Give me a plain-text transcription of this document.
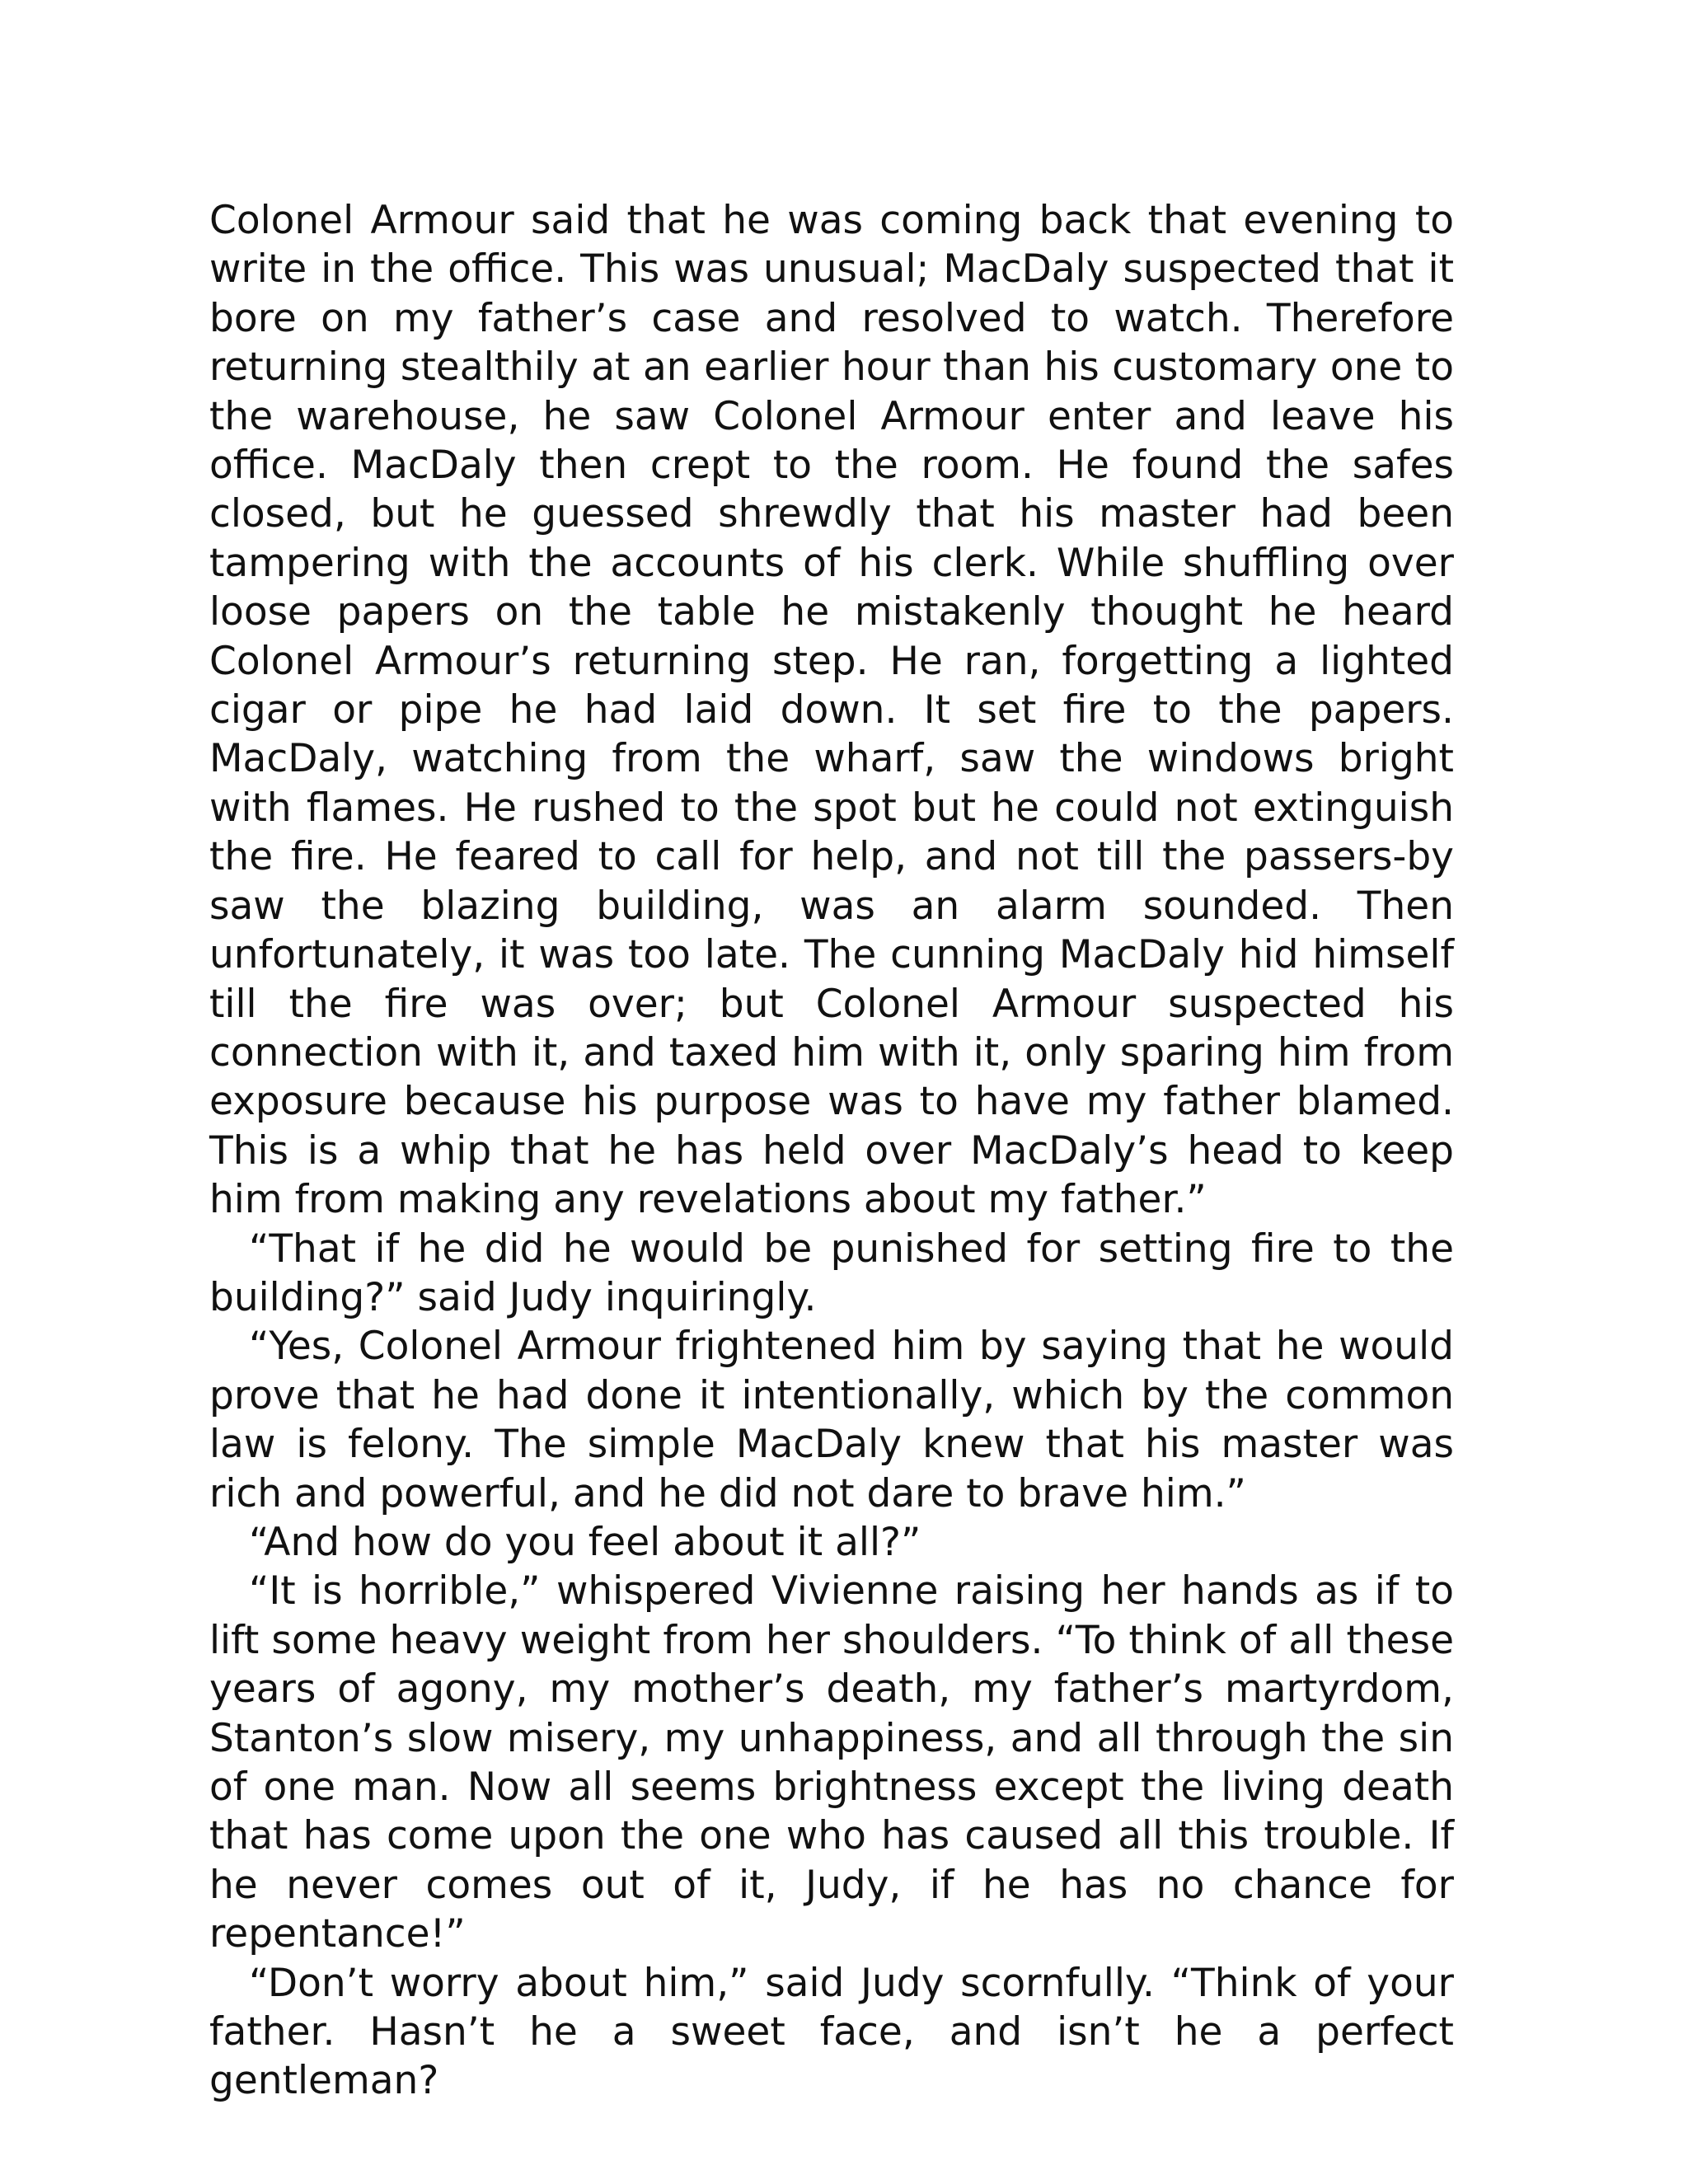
Colonel Armour said that he was coming back that evening to write in the office. This was unusual; MacDaly suspected that it bore on my father’s case and resolved to watch. Therefore returning stealthily at an earlier hour than his customary one to the warehouse, he saw Colonel Armour enter and leave his office. MacDaly then crept to the room. He found the safes closed, but he guessed shrewdly that his master had been tampering with the accounts of his clerk. While shuffling over loose papers on the table he mistakenly thought he heard Colonel Armour’s returning step. He ran, forgetting a lighted cigar or pipe he had laid down. It set fire to the papers. MacDaly, watching from the wharf, saw the windows bright with flames. He rushed to the spot but he could not extinguish the fire. He feared to call for help, and not till the passers-by saw the blazing building, was an alarm sounded. Then unfortunately, it was too late. The cunning MacDaly hid himself till the fire was over; but Colonel Armour suspected his connection with it, and taxed him with it, only sparing him from exposure because his purpose was to have my father blamed. This is a whip that he has held over MacDaly’s head to keep him from making any revelations about my father.”

“That if he did he would be punished for setting fire to the building?” said Judy inquiringly.

“Yes, Colonel Armour frightened him by saying that he would prove that he had done it intentionally, which by the common law is felony. The simple MacDaly knew that his master was rich and powerful, and he did not dare to brave him.”

“And how do you feel about it all?”

“It is horrible,” whispered Vivienne raising her hands as if to lift some heavy weight from her shoulders. “To think of all these years of agony, my mother’s death, my father’s martyrdom, Stanton’s slow misery, my unhappiness, and all through the sin of one man. Now all seems brightness except the living death that has come upon the one who has caused all this trouble. If he never comes out of it, Judy, if he has no chance for repentance!”

“Don’t worry about him,” said Judy scornfully. “Think of your father. Hasn’t he a sweet face, and isn’t he a perfect gentleman?
